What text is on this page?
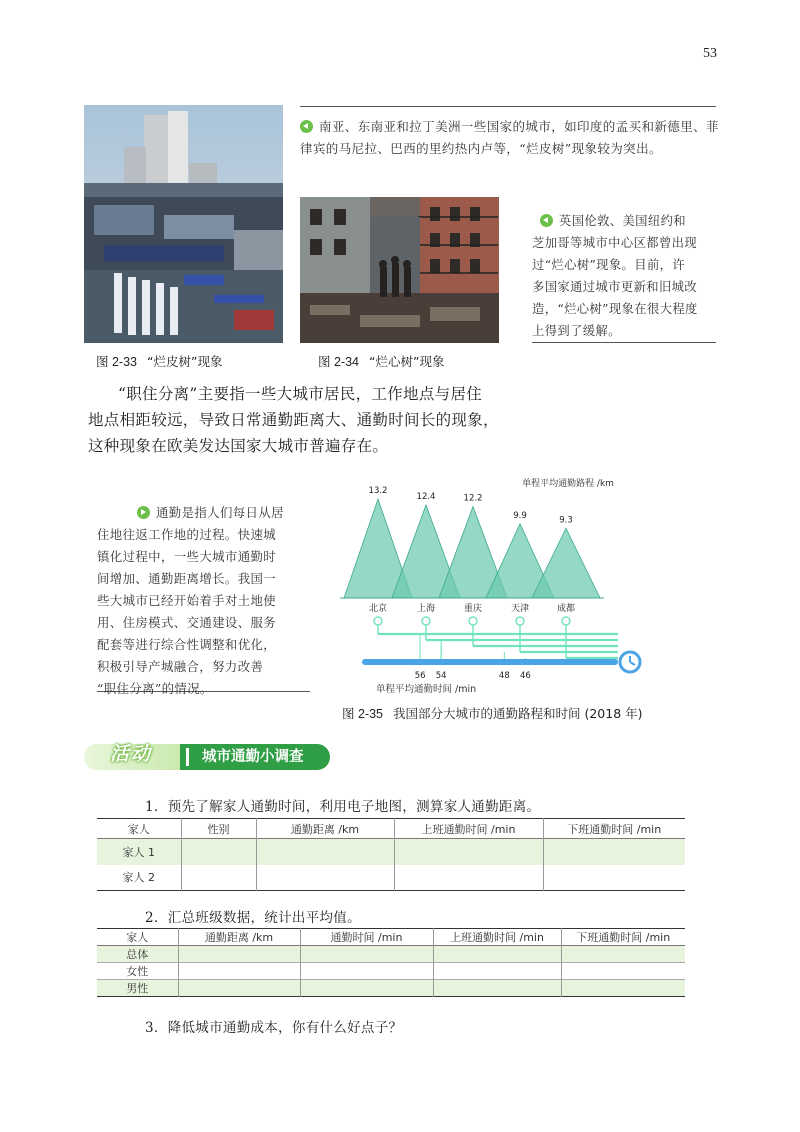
53
南亚、东南亚和拉丁美洲一些国家的城市，如印度的孟买和新德里、菲律宾的马尼拉、巴西的里约热内卢等，“烂皮树”现象较为突出。
英国伦敦、美国纽约和
芝加哥等城市中心区都曾出现
过“烂心树”现象。目前，许
多国家通过城市更新和旧城改
造，“烂心树”现象在很大程度
上得到了缓解。
图 2-33 “烂皮树”现象	图 2-34 “烂心树”现象
“职住分离”主要指一些大城市居民，工作地点与居住
地点相距较远，导致日常通勤距离大、通勤时间长的现象，
这种现象在欧美发达国家大城市普遍存在。
通勤是指人们每日从居
住地往返工作地的过程。快速城
镇化过程中，一些大城市通勤时
间增加、通勤距离增长。我国一
些大城市已经开始着手对土地使
用、住房模式、交通建设、服务
配套等进行综合性调整和优化，
积极引导产城融合，努力改善
“职住分离”的情况。
单程平均通勤路程 /km
13.2
12.4	12.2
9.9	9.3
北京	上海	重庆	天津	成都
56 54	48 46
单程平均通勤时间 /min
图 2-35 我国部分大城市的通勤路程和时间 (2018 年)
活动	城市通勤小调查
1．预先了解家人通勤时间，利用电子地图，测算家人通勤距离。
家人	性别	通勤距离 /km	上班通勤时间 /min	下班通勤时间 /min
家人 1				
家人 2				
2．汇总班级数据，统计出平均值。
家人	通勤距离 /km	通勤时间 /min	上班通勤时间 /min	下班通勤时间 /min
总体				
女性				
男性				
3．降低城市通勤成本，你有什么好点子？
